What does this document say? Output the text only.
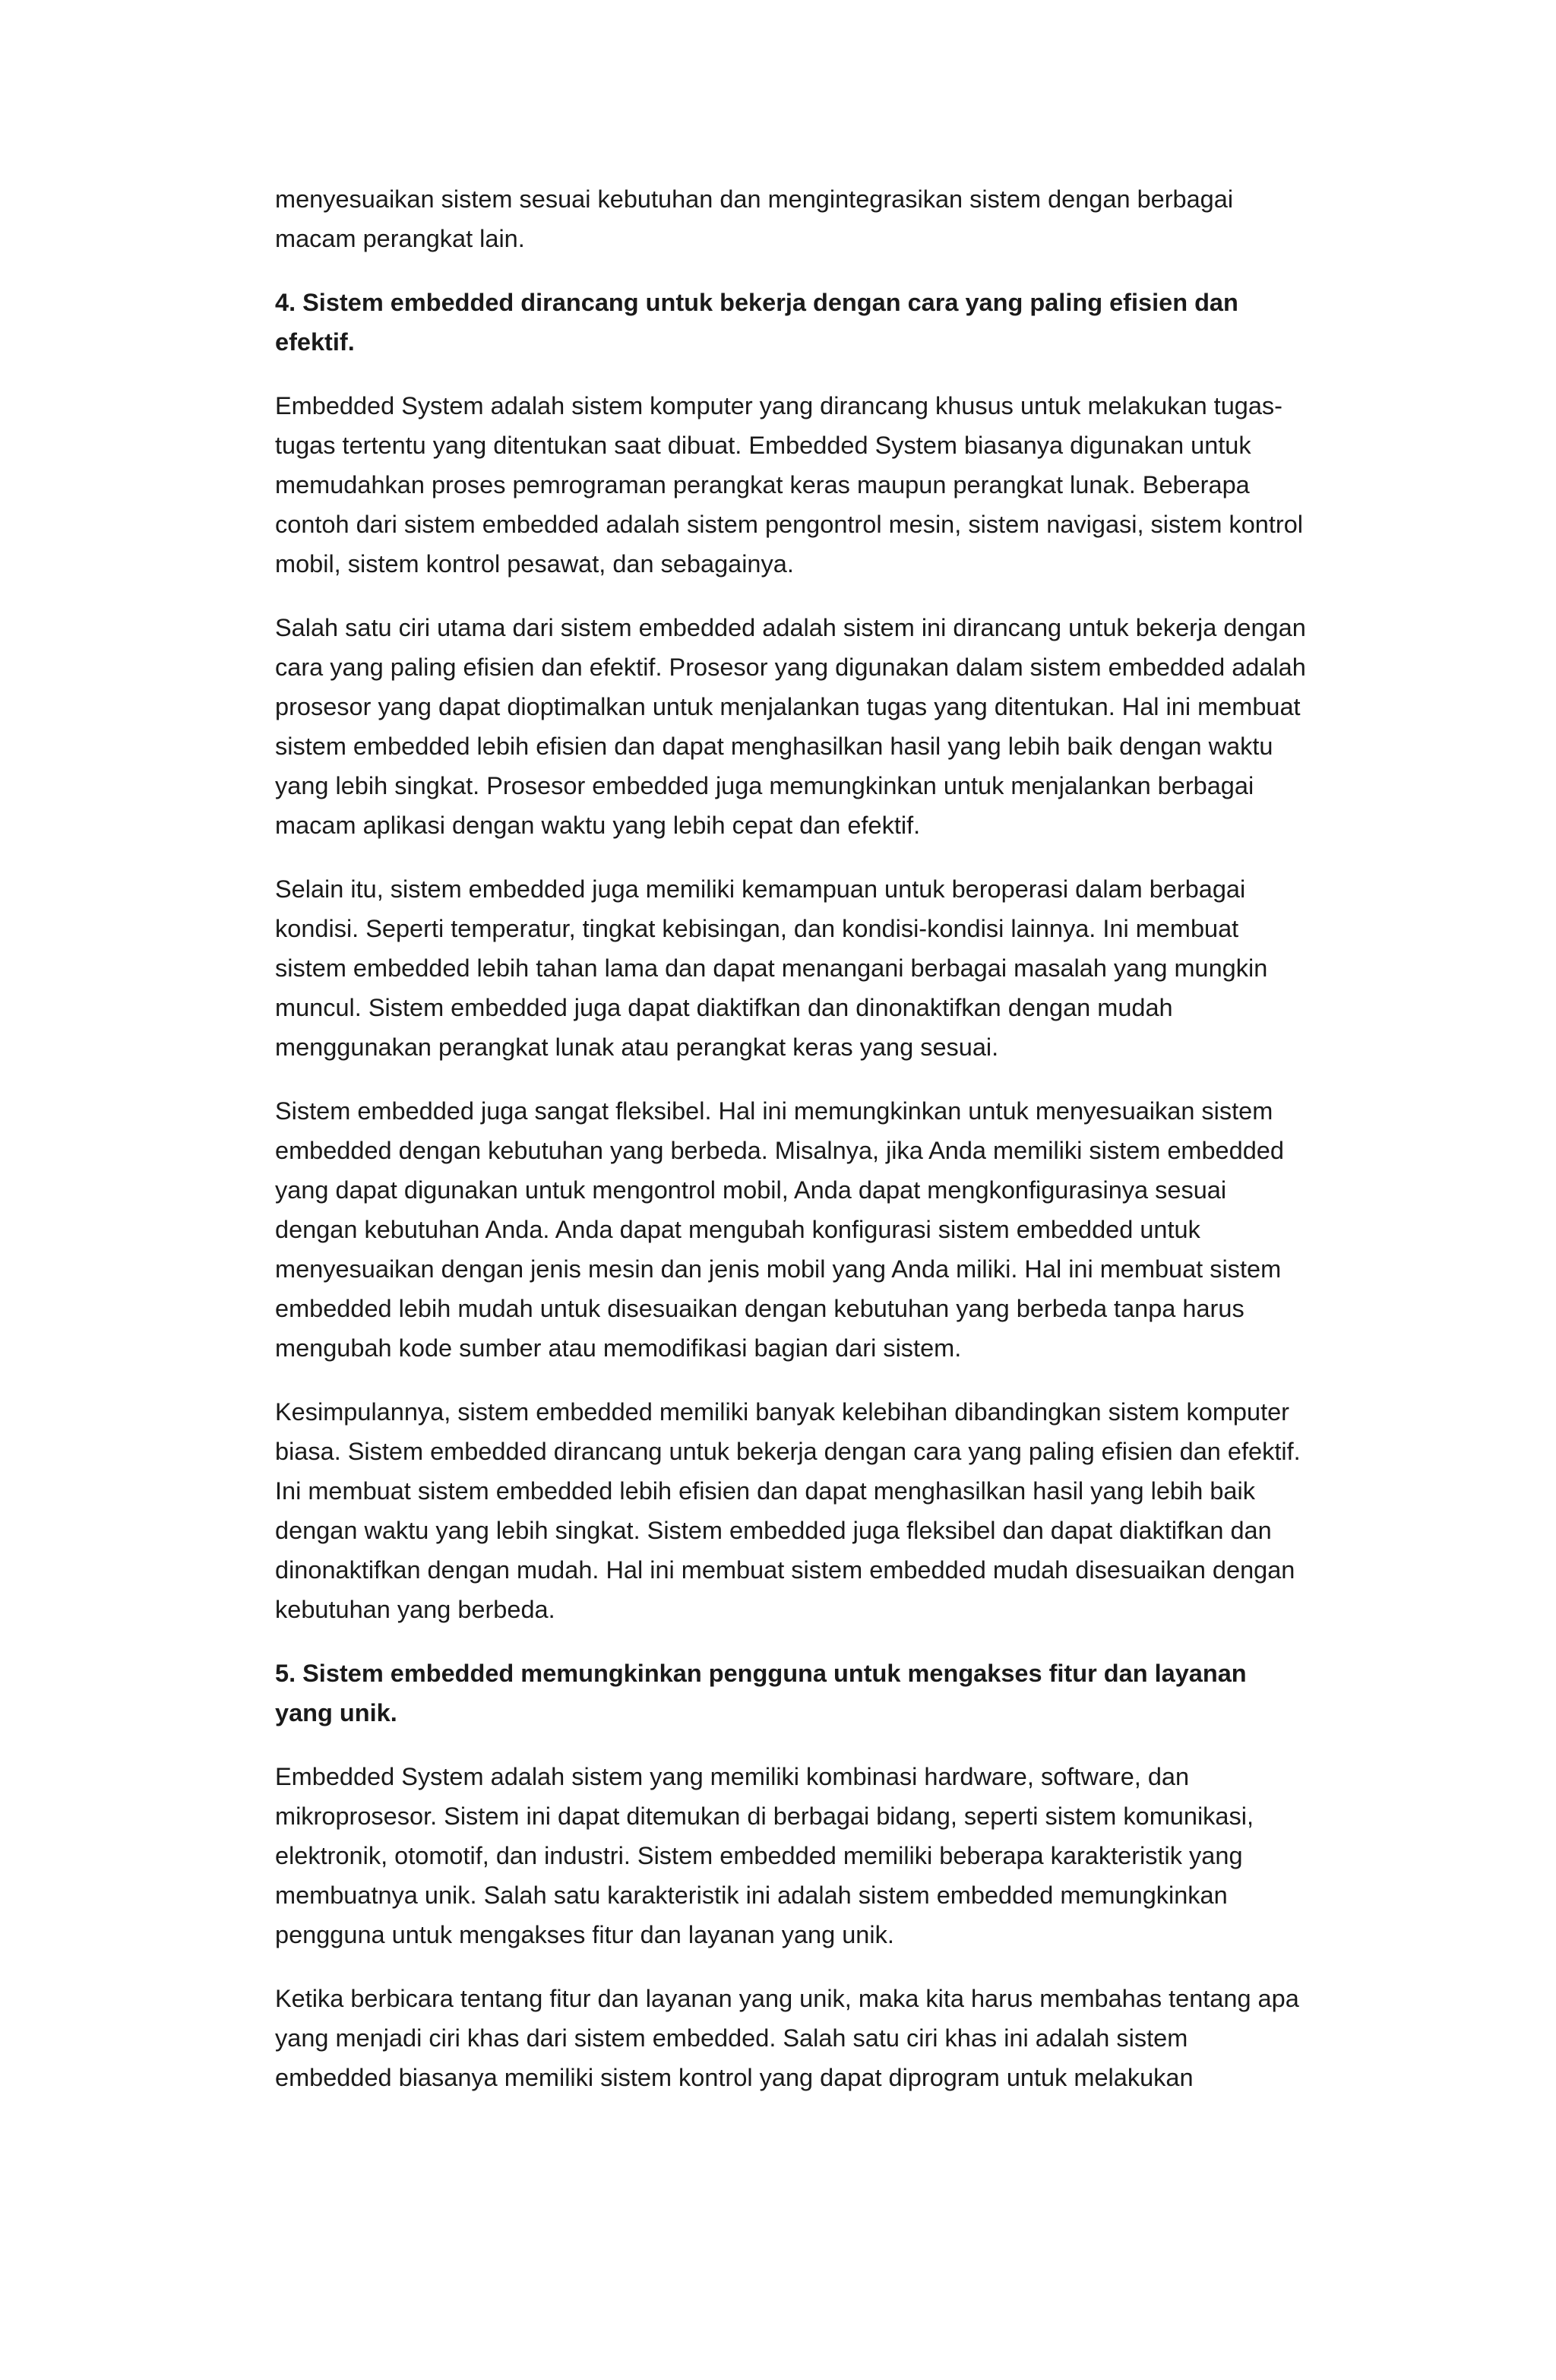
menyesuaikan sistem sesuai kebutuhan dan mengintegrasikan sistem dengan berbagai macam perangkat lain.

4. Sistem embedded dirancang untuk bekerja dengan cara yang paling efisien dan efektif.

Embedded System adalah sistem komputer yang dirancang khusus untuk melakukan tugas-tugas tertentu yang ditentukan saat dibuat. Embedded System biasanya digunakan untuk memudahkan proses pemrograman perangkat keras maupun perangkat lunak. Beberapa contoh dari sistem embedded adalah sistem pengontrol mesin, sistem navigasi, sistem kontrol mobil, sistem kontrol pesawat, dan sebagainya.

Salah satu ciri utama dari sistem embedded adalah sistem ini dirancang untuk bekerja dengan cara yang paling efisien dan efektif. Prosesor yang digunakan dalam sistem embedded adalah prosesor yang dapat dioptimalkan untuk menjalankan tugas yang ditentukan. Hal ini membuat sistem embedded lebih efisien dan dapat menghasilkan hasil yang lebih baik dengan waktu yang lebih singkat. Prosesor embedded juga memungkinkan untuk menjalankan berbagai macam aplikasi dengan waktu yang lebih cepat dan efektif.

Selain itu, sistem embedded juga memiliki kemampuan untuk beroperasi dalam berbagai kondisi. Seperti temperatur, tingkat kebisingan, dan kondisi-kondisi lainnya. Ini membuat sistem embedded lebih tahan lama dan dapat menangani berbagai masalah yang mungkin muncul. Sistem embedded juga dapat diaktifkan dan dinonaktifkan dengan mudah menggunakan perangkat lunak atau perangkat keras yang sesuai.

Sistem embedded juga sangat fleksibel. Hal ini memungkinkan untuk menyesuaikan sistem embedded dengan kebutuhan yang berbeda. Misalnya, jika Anda memiliki sistem embedded yang dapat digunakan untuk mengontrol mobil, Anda dapat mengkonfigurasinya sesuai dengan kebutuhan Anda. Anda dapat mengubah konfigurasi sistem embedded untuk menyesuaikan dengan jenis mesin dan jenis mobil yang Anda miliki. Hal ini membuat sistem embedded lebih mudah untuk disesuaikan dengan kebutuhan yang berbeda tanpa harus mengubah kode sumber atau memodifikasi bagian dari sistem.

Kesimpulannya, sistem embedded memiliki banyak kelebihan dibandingkan sistem komputer biasa. Sistem embedded dirancang untuk bekerja dengan cara yang paling efisien dan efektif. Ini membuat sistem embedded lebih efisien dan dapat menghasilkan hasil yang lebih baik dengan waktu yang lebih singkat. Sistem embedded juga fleksibel dan dapat diaktifkan dan dinonaktifkan dengan mudah. Hal ini membuat sistem embedded mudah disesuaikan dengan kebutuhan yang berbeda.

5. Sistem embedded memungkinkan pengguna untuk mengakses fitur dan layanan yang unik.

Embedded System adalah sistem yang memiliki kombinasi hardware, software, dan mikroprosesor. Sistem ini dapat ditemukan di berbagai bidang, seperti sistem komunikasi, elektronik, otomotif, dan industri. Sistem embedded memiliki beberapa karakteristik yang membuatnya unik. Salah satu karakteristik ini adalah sistem embedded memungkinkan pengguna untuk mengakses fitur dan layanan yang unik.

Ketika berbicara tentang fitur dan layanan yang unik, maka kita harus membahas tentang apa yang menjadi ciri khas dari sistem embedded. Salah satu ciri khas ini adalah sistem embedded biasanya memiliki sistem kontrol yang dapat diprogram untuk melakukan
